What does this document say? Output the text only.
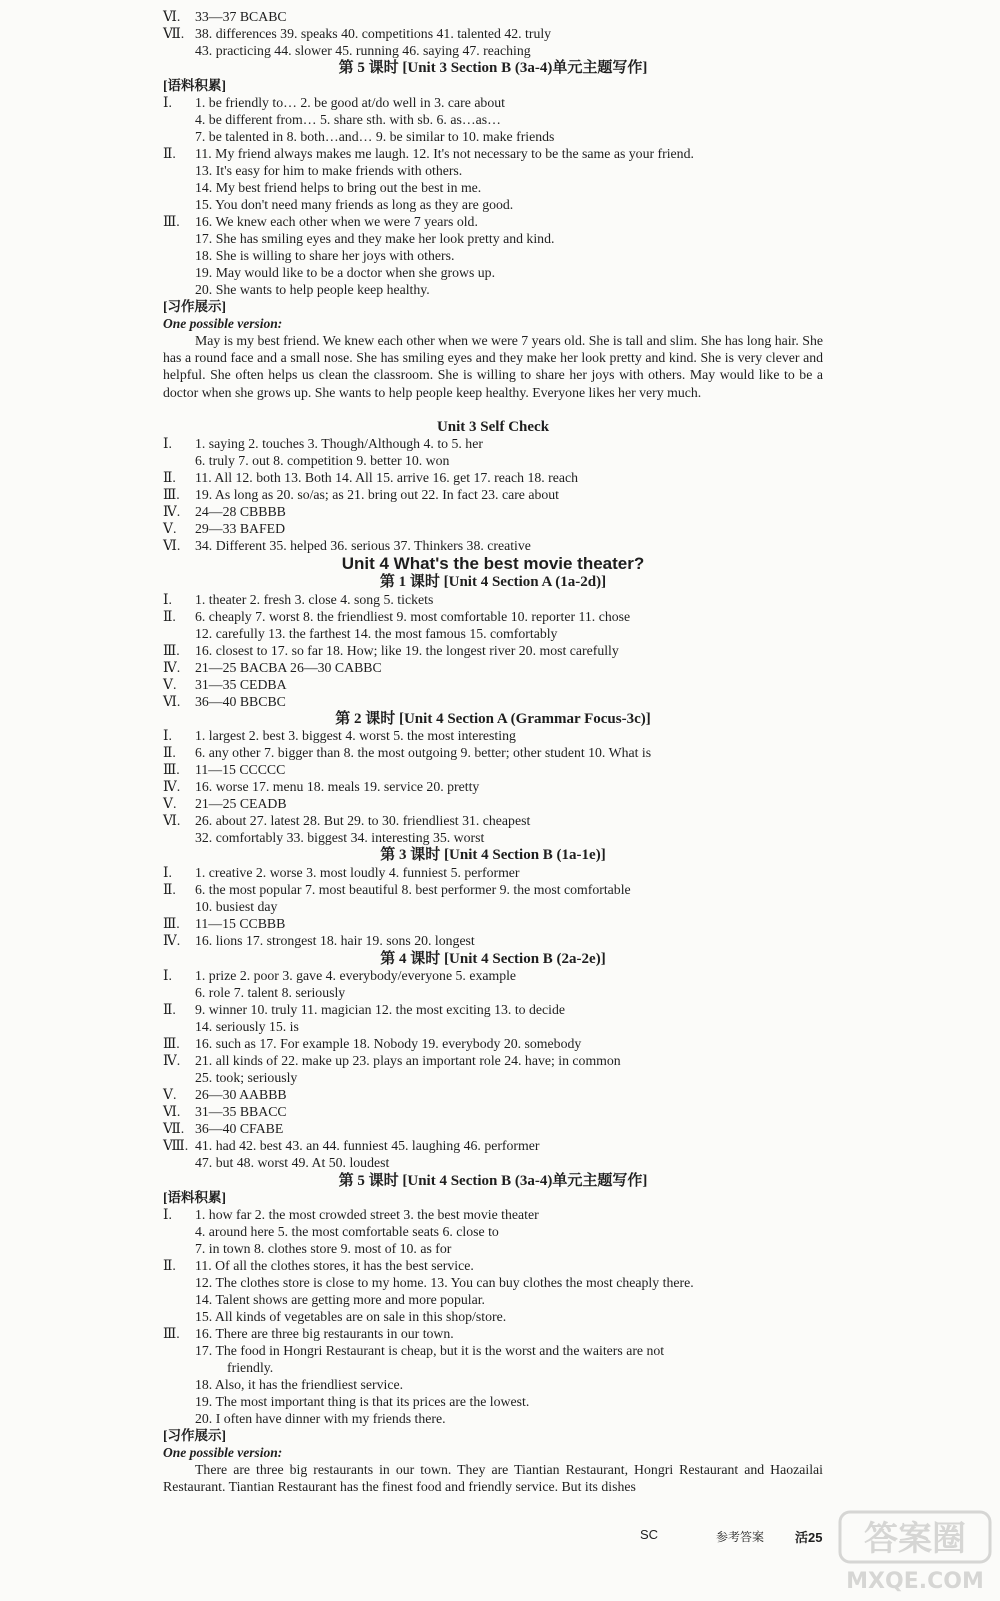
Ⅵ. 33—37 BCABC
Ⅶ. 38. differences 39. speaks 40. competitions 41. talented 42. truly
43. practicing 44. slower 45. running 46. saying 47. reaching
第 5 课时 [Unit 3 Section B (3a-4)单元主题写作]
[语料积累]
Ⅰ. 1. be friendly to… 2. be good at/do well in 3. care about
4. be different from… 5. share sth. with sb. 6. as…as…
7. be talented in 8. both…and… 9. be similar to 10. make friends
Ⅱ. 11. My friend always makes me laugh. 12. It's not necessary to be the same as your friend.
13. It's easy for him to make friends with others.
14. My best friend helps to bring out the best in me.
15. You don't need many friends as long as they are good.
Ⅲ. 16. We knew each other when we were 7 years old.
17. She has smiling eyes and they make her look pretty and kind.
18. She is willing to share her joys with others.
19. May would like to be a doctor when she grows up.
20. She wants to help people keep healthy.
[习作展示]
One possible version:
May is my best friend. We knew each other when we were 7 years old. She is tall and slim. She has long hair. She has a round face and a small nose. She has smiling eyes and they make her look pretty and kind. She is very clever and helpful. She often helps us clean the classroom. She is willing to share her joys with others. May would like to be a doctor when she grows up. She wants to help people keep healthy. Everyone likes her very much.
Unit 3 Self Check
Ⅰ. 1. saying 2. touches 3. Though/Although 4. to 5. her
6. truly 7. out 8. competition 9. better 10. won
Ⅱ. 11. All 12. both 13. Both 14. All 15. arrive 16. get 17. reach 18. reach
Ⅲ. 19. As long as 20. so/as; as 21. bring out 22. In fact 23. care about
Ⅳ. 24—28 CBBBB
Ⅴ. 29—33 BAFED
Ⅵ. 34. Different 35. helped 36. serious 37. Thinkers 38. creative
Unit 4 What's the best movie theater?
第 1 课时 [Unit 4 Section A (1a-2d)]
Ⅰ. 1. theater 2. fresh 3. close 4. song 5. tickets
Ⅱ. 6. cheaply 7. worst 8. the friendliest 9. most comfortable 10. reporter 11. chose
12. carefully 13. the farthest 14. the most famous 15. comfortably
Ⅲ. 16. closest to 17. so far 18. How; like 19. the longest river 20. most carefully
Ⅳ. 21—25 BACBA 26—30 CABBC
Ⅴ. 31—35 CEDBA
Ⅵ. 36—40 BBCBC
第 2 课时 [Unit 4 Section A (Grammar Focus-3c)]
Ⅰ. 1. largest 2. best 3. biggest 4. worst 5. the most interesting
Ⅱ. 6. any other 7. bigger than 8. the most outgoing 9. better; other student 10. What is
Ⅲ. 11—15 CCCCC
Ⅳ. 16. worse 17. menu 18. meals 19. service 20. pretty
Ⅴ. 21—25 CEADB
Ⅵ. 26. about 27. latest 28. But 29. to 30. friendliest 31. cheapest
32. comfortably 33. biggest 34. interesting 35. worst
第 3 课时 [Unit 4 Section B (1a-1e)]
Ⅰ. 1. creative 2. worse 3. most loudly 4. funniest 5. performer
Ⅱ. 6. the most popular 7. most beautiful 8. best performer 9. the most comfortable
10. busiest day
Ⅲ. 11—15 CCBBB
Ⅳ. 16. lions 17. strongest 18. hair 19. sons 20. longest
第 4 课时 [Unit 4 Section B (2a-2e)]
Ⅰ. 1. prize 2. poor 3. gave 4. everybody/everyone 5. example
6. role 7. talent 8. seriously
Ⅱ. 9. winner 10. truly 11. magician 12. the most exciting 13. to decide
14. seriously 15. is
Ⅲ. 16. such as 17. For example 18. Nobody 19. everybody 20. somebody
Ⅳ. 21. all kinds of 22. make up 23. plays an important role 24. have; in common
25. took; seriously
Ⅴ. 26—30 AABBB
Ⅵ. 31—35 BBACC
Ⅶ. 36—40 CFABE
Ⅷ. 41. had 42. best 43. an 44. funniest 45. laughing 46. performer
47. but 48. worst 49. At 50. loudest
第 5 课时 [Unit 4 Section B (3a-4)单元主题写作]
[语料积累]
Ⅰ. 1. how far 2. the most crowded street 3. the best movie theater
4. around here 5. the most comfortable seats 6. close to
7. in town 8. clothes store 9. most of 10. as for
Ⅱ. 11. Of all the clothes stores, it has the best service.
12. The clothes store is close to my home. 13. You can buy clothes the most cheaply there.
14. Talent shows are getting more and more popular.
15. All kinds of vegetables are on sale in this shop/store.
Ⅲ. 16. There are three big restaurants in our town.
17. The food in Hongri Restaurant is cheap, but it is the worst and the waiters are not
friendly.
18. Also, it has the friendliest service.
19. The most important thing is that its prices are the lowest.
20. I often have dinner with my friends there.
[习作展示]
One possible version:
There are three big restaurants in our town. They are Tiantian Restaurant, Hongri Restaurant and Haozailai Restaurant. Tiantian Restaurant has the finest food and friendly service. But its dishes
SC	参考答案 活25 答案圈
MXQE.COM
